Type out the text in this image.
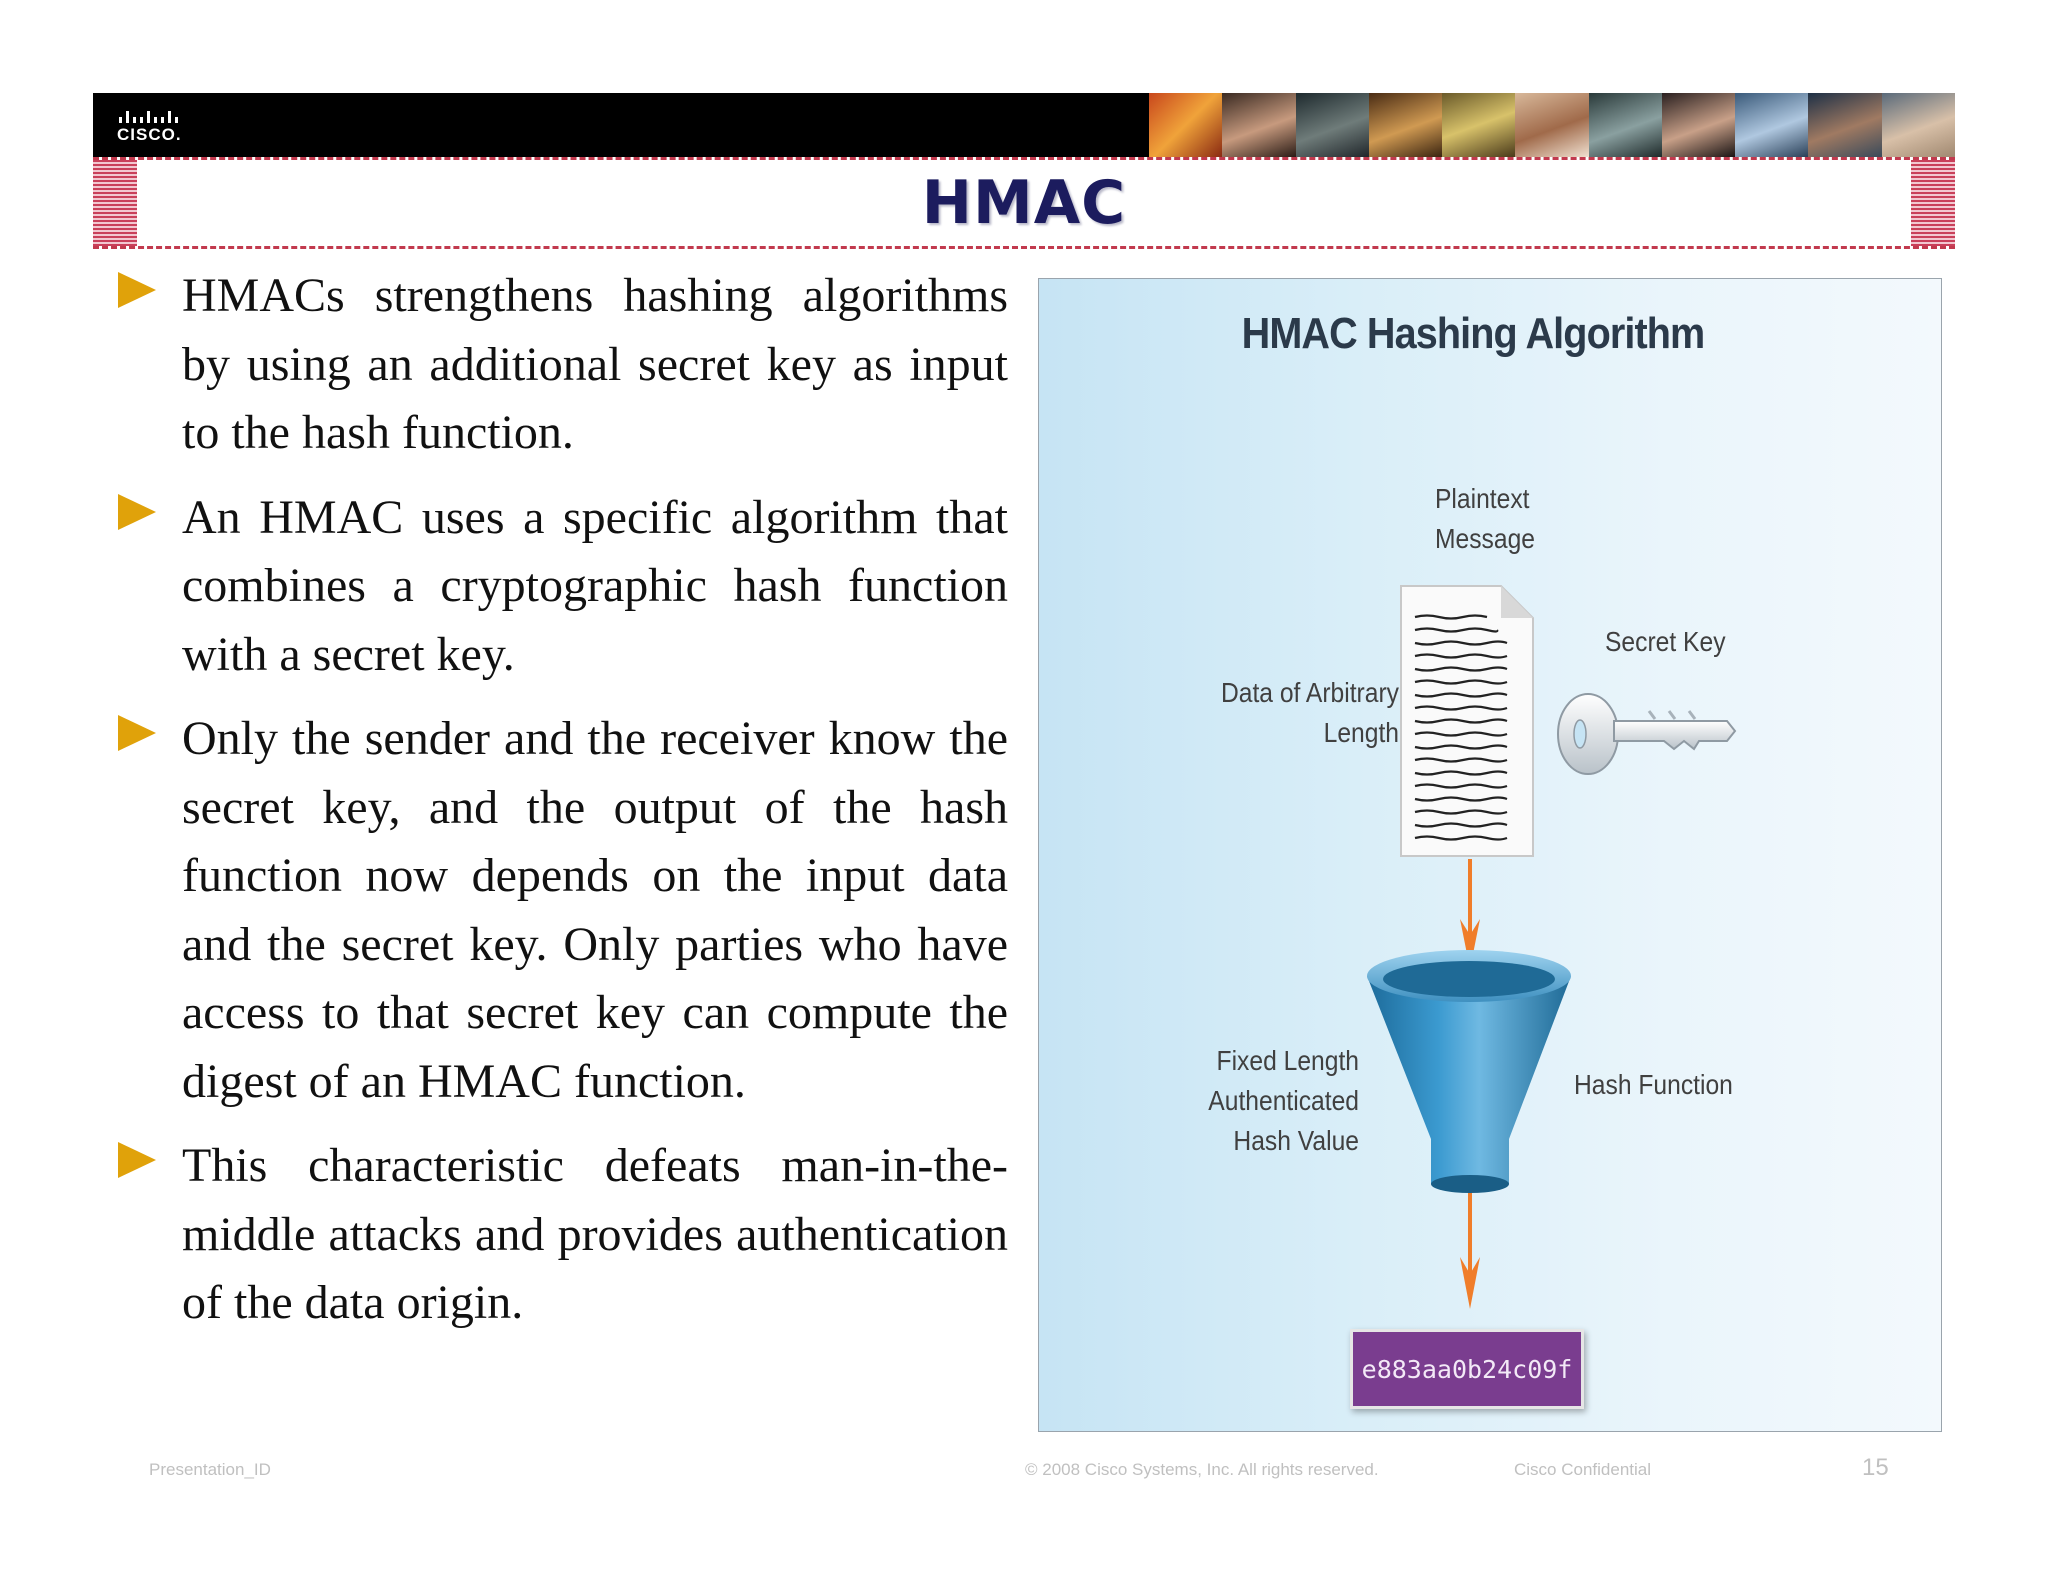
CISCO.
HMAC
HMACs strengthens hashing algorithms by using an additional secret key as input to the hash function.
An HMAC uses a specific algorithm that combines a cryptographic hash function with a secret key.
Only the sender and the receiver know the secret key, and the output of the hash function now depends on the input data and the secret key. Only parties who have access to that secret key can compute the digest of an HMAC function.
This characteristic defeats man-in-the-middle attacks and provides authentication of the data origin.
HMAC Hashing Algorithm
Plaintext
Message
Data of Arbitrary
Length
Secret Key
Fixed Length Authenticated
Hash Value
Hash Function
e883aa0b24c09f
Presentation_ID	© 2008 Cisco Systems, Inc. All rights reserved.	Cisco Confidential	15
